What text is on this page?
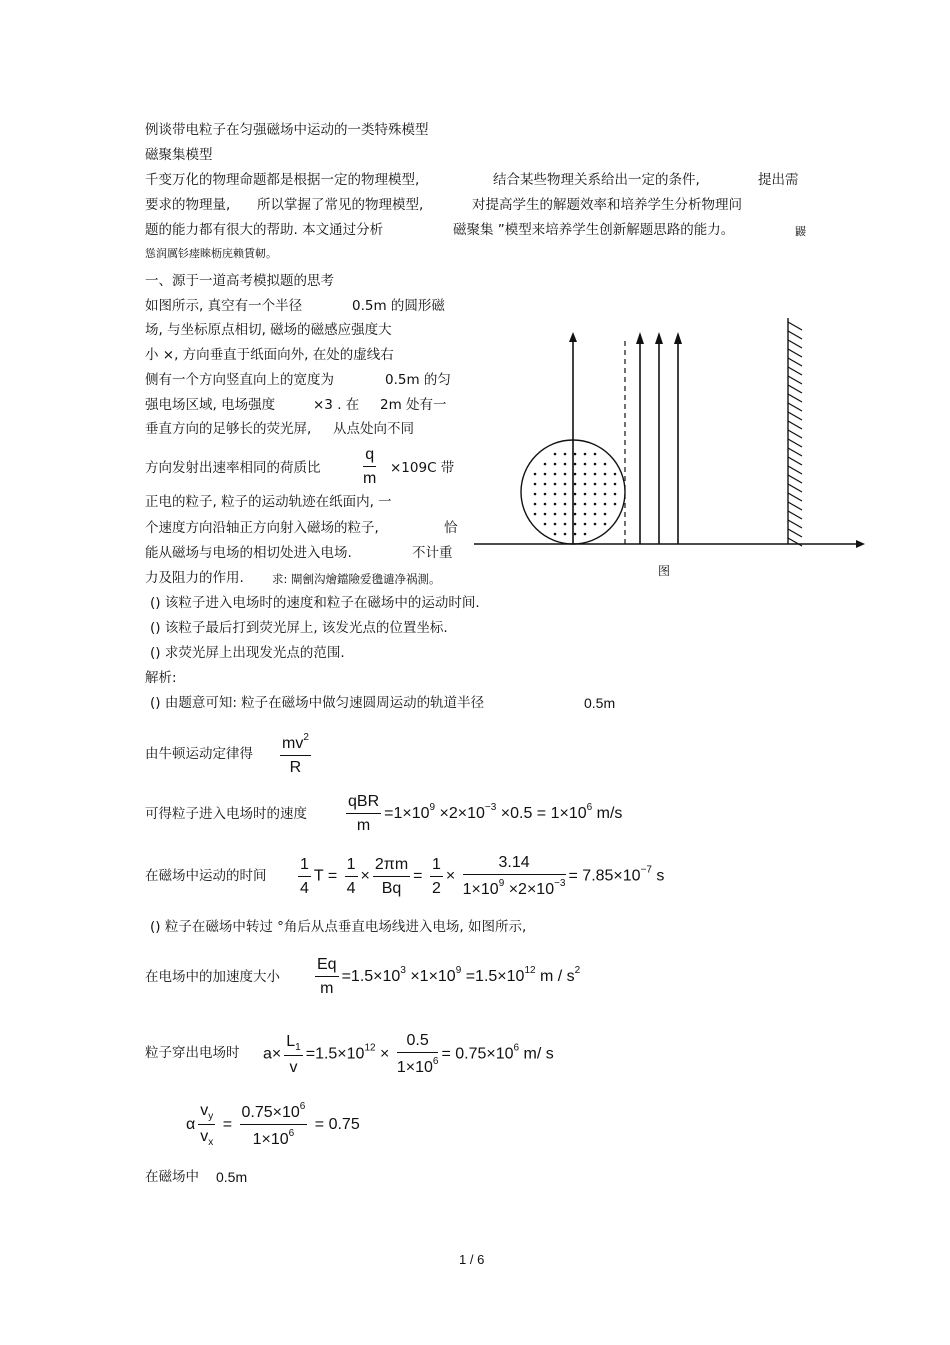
例谈带电粒子在匀强磁场中运动的一类特殊模型
磁聚集模型
千变万化的物理命题都是根据一定的物理模型,	结合某些物理关系给出一定的条件,	提出需
要求的物理量, 所以掌握了常见的物理模型,	对提高学生的解题效率和培养学生分析物理问
题的能力都有很大的帮助. 本文通过分析	磁聚集 ”模型来培养学生创新解题思路的能力。	鼹
慫润厲钐瘗睞枥庑赖賃軔。
一、源于一道高考模拟题的思考
如图所示, 真空有一个半径	0.5m 的圆形磁
场, 与坐标原点相切, 磁场的磁感应强度大
小 ×, 方向垂直于纸面向外, 在处的虚线右
侧有一个方向竖直向上的宽度为	0.5m 的匀
强电场区域, 电场强度	×3 . 在 2m 处有一
垂直方向的足够长的荧光屏, 从点处向不同
方向发射出速率相同的荷质比	$\frac{q}{m} \times 109C$ 带
正电的粒子, 粒子的运动轨迹在纸面内, 一
个速度方向沿轴正方向射入磁场的粒子,	恰
能从磁场与电场的相切处进入电场.	不计重
力及阻力的作用. 求: 閘劊沟燴鐺險爱氇谴净祸測。
图
() 该粒子进入电场时的速度和粒子在磁场中的运动时间.
() 该粒子最后打到荧光屏上, 该发光点的位置坐标.
() 求荧光屏上出现发光点的范围.
解析:
() 由题意可知: 粒子在磁场中做匀速圆周运动的轨道半径	0.5m
由牛顿运动定律得 $\frac{mv^2}{R}$
可得粒子进入电场时的速度 $\frac{\text{qBR}}{m} =1\times 10^9 \times 2\times 10^{-3} \times 0.5 = 1\times 10^6$ m/s
在磁场中运动的时间 $\frac{1}{4}$ $T = \frac{1}{4} \times \frac{2\pi m}{Bq} = \frac{1}{2} \times \frac{3.14}{1\times 10^9 \times 2\times 10^{-3}} = 7.85\times 10^{-7}$ s
() 粒子在磁场中转过 °角后从点垂直电场线进入电场, 如图所示,
在电场中的加速度大小 $\frac{Eq}{m} =1.5\times 10^3 \times 1\times 10^9 =1.5\times 10^{12}$ m / $s^2$
粒子穿出电场时 $a\times \frac{L_1}{v} =1.5\times 10^{12} \times \frac{0.5}{1\times 10^6} = 0.75\times 10^6$ m/ s
α $\frac{v_y}{v_x} = \frac{0.75\times 10^6}{1\times 10^6} = 0.75$
在磁场中 0.5m
1 / 6
